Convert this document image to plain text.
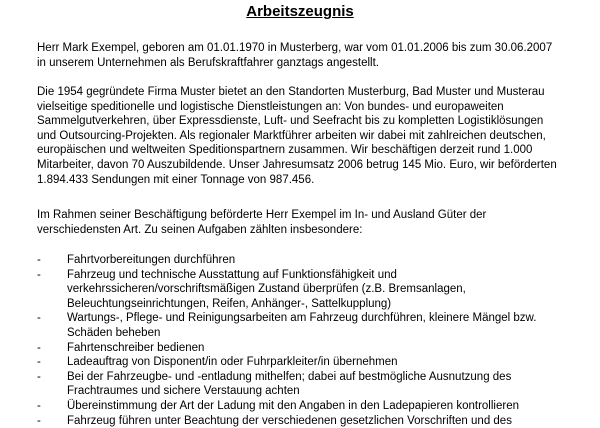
Arbeitszeugnis

Herr Mark Exempel, geboren am 01.01.1970 in Musterberg, war vom 01.01.2006 bis zum 30.06.2007 in unserem Unternehmen als Berufskraftfahrer ganztags angestellt.

Die 1954 gegründete Firma Muster bietet an den Standorten Musterburg, Bad Muster und Musterau vielseitige speditionelle und logistische Dienstleistungen an: Von bundes- und europaweiten Sammelgutverkehren, über Expressdienste, Luft- und Seefracht bis zu kompletten Logistiklösungen und Outsourcing-Projekten. Als regionaler Marktführer arbeiten wir dabei mit zahlreichen deutschen, europäischen und weltweiten Speditionspartnern zusammen. Wir beschäftigen derzeit rund 1.000 Mitarbeiter, davon 70 Auszubildende. Unser Jahresumsatz 2006 betrug 145 Mio. Euro, wir beförderten 1.894.433 Sendungen mit einer Tonnage von 987.456.

Im Rahmen seiner Beschäftigung beförderte Herr Exempel im In- und Ausland Güter der verschiedensten Art. Zu seinen Aufgaben zählten insbesondere:

- Fahrtvorbereitungen durchführen
- Fahrzeug und technische Ausstattung auf Funktionsfähigkeit und verkehrssicheren/vorschriftsmäßigen Zustand überprüfen (z.B. Bremsanlagen, Beleuchtungseinrichtungen, Reifen, Anhänger-, Sattelkupplung)
- Wartungs-, Pflege- und Reinigungsarbeiten am Fahrzeug durchführen, kleinere Mängel bzw. Schäden beheben
- Fahrtenschreiber bedienen
- Ladeauftrag von Disponent/in oder Fuhrparkleiter/in übernehmen
- Bei der Fahrzeugbe- und -entladung mithelfen; dabei auf bestmögliche Ausnutzung des Frachtraumes und sichere Verstauung achten
- Übereinstimmung der Art der Ladung mit den Angaben in den Ladepapieren kontrollieren
- Fahrzeug führen unter Beachtung der verschiedenen gesetzlichen Vorschriften und des
